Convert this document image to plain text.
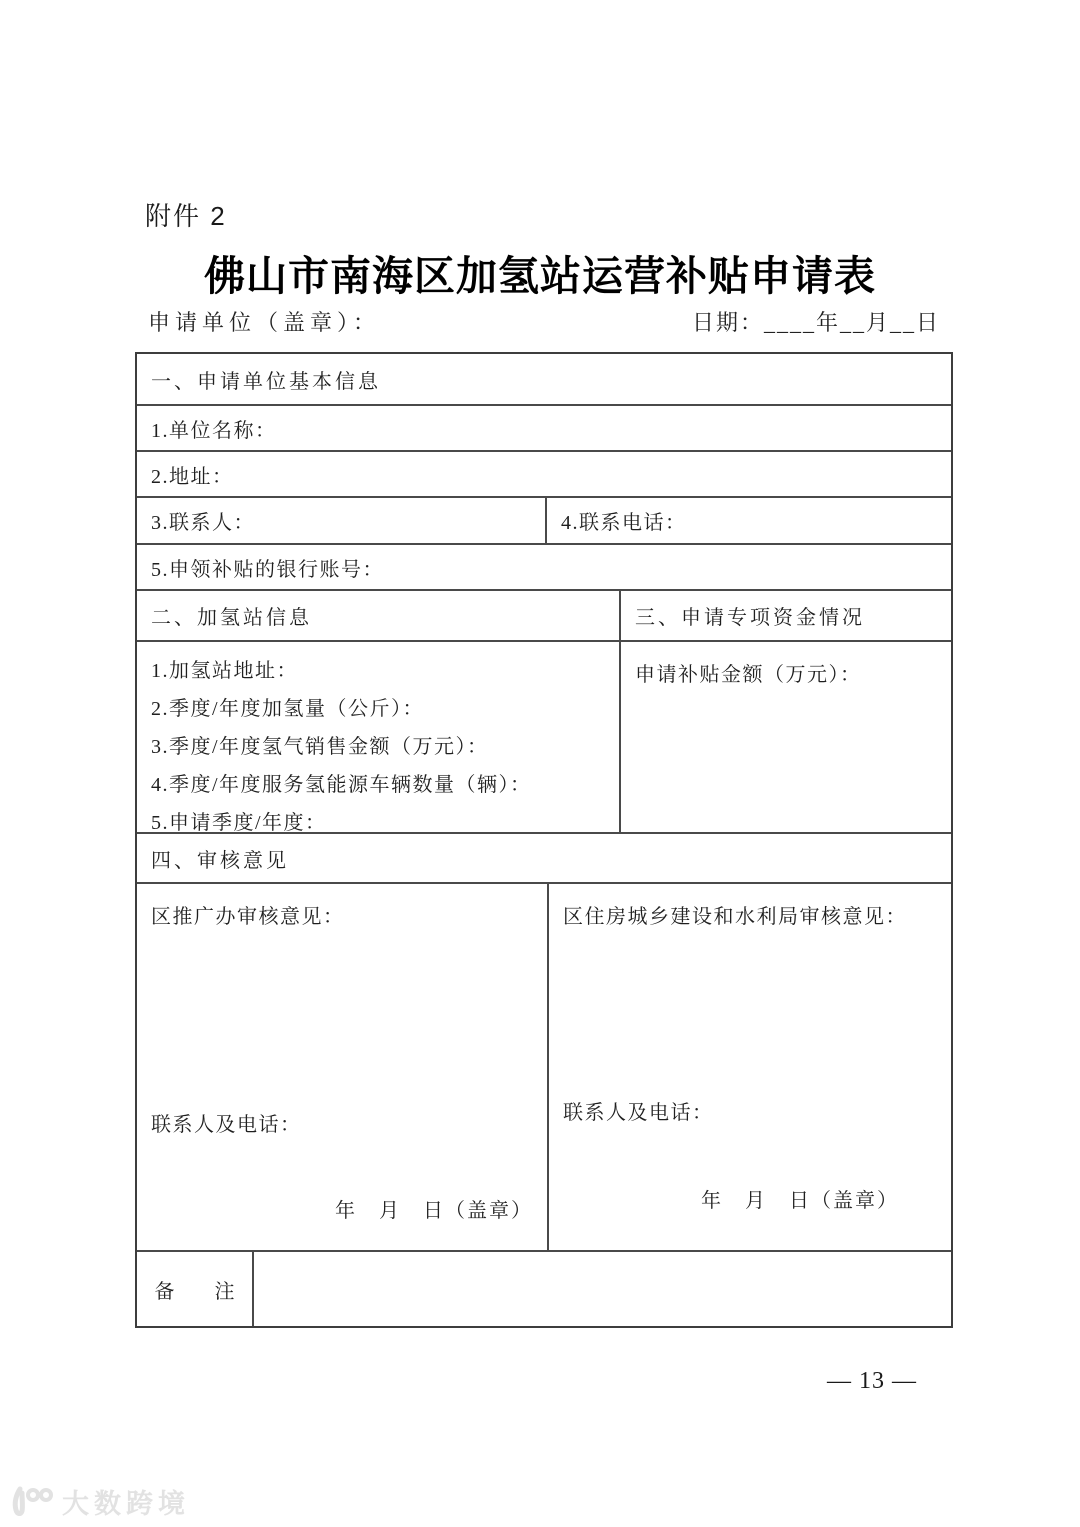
附件 2
佛山市南海区加氢站运营补贴申请表
申请单位（盖章）：	日期：____年__月__日
一、申请单位基本信息
1.单位名称：
2.地址：
3.联系人：	4.联系电话：
5.申领补贴的银行账号：
二、加氢站信息	三、申请专项资金情况
1.加氢站地址：
2.季度/年度加氢量（公斤）：
3.季度/年度氢气销售金额（万元）：
4.季度/年度服务氢能源车辆数量（辆）：
5.申请季度/年度：
申请补贴金额（万元）：
四、审核意见
区推广办审核意见：
联系人及电话：
年　月　日（盖章）
区住房城乡建设和水利局审核意见：
联系人及电话：
年　月　日（盖章）
备　　注
— 13 —
大数跨境
